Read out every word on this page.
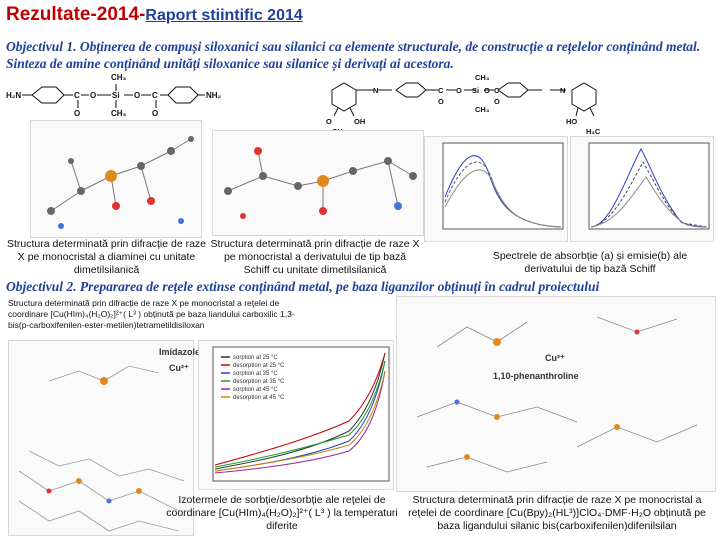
Rezultate-2014-Raport stiintific 2014
Objectivul 1. Obținerea de compuși siloxanici sau silanici ca elemente structurale, de construcție a rețelelor conținând metal. Sinteza de amine conținând unități siloxanice sau silanice și derivați ai acestora.
H₂N	C O Si O C	NH₂
CH₃
CH₃
O	O
CH₃
CH₃
N	N
O	OH
CH₃
HO
H₃C
Si
C O	O C
O	O
Structura determinată prin difracție de raze X pe monocristal a diaminei cu unitate dimetilsilanică
Structura determinată prin difracție de raze X pe monocristal a derivatului de tip bază Schiff cu unitate dimetilsilanică
Spectrele de absorbție (a) și emisie(b) ale derivatului de tip bază Schiff
Objectivul 2. Prepararea de rețele extinse conținând metal, pe baza liganzilor obținuți în cadrul proiectului
Structura determinată prin difracție de raze X pe monocristal a rețelei de coordinare [Cu(HIm)₄(H₂O)₂]²⁺( L³ ) obținută pe baza liandului carboxilic 1,3-bis(p-carboxifenilen-ester-metilen)tetrametildisiloxan
Imidazole
Cu²⁺
sorption at 25 °C
desorption at 25 °C
sorption at 35 °C
desorption at 35 °C
sorption at 45 °C
desorption at 45 °C
1,10-phenanthroline
Cu²⁺
Izotermele de sorbție/desorbție ale rețelei de coordinare [Cu(HIm)₄(H₂O)₂]²⁺( L³ ) la temperaturi diferite
Structura determinată prin difracție de raze X pe monocristal a rețelei de coordinare [Cu(Bpy)₂(HL³)]ClO₄·DMF·H₂O obținută pe baza ligandului silanic bis(carboxifenilen)difenilsilan
